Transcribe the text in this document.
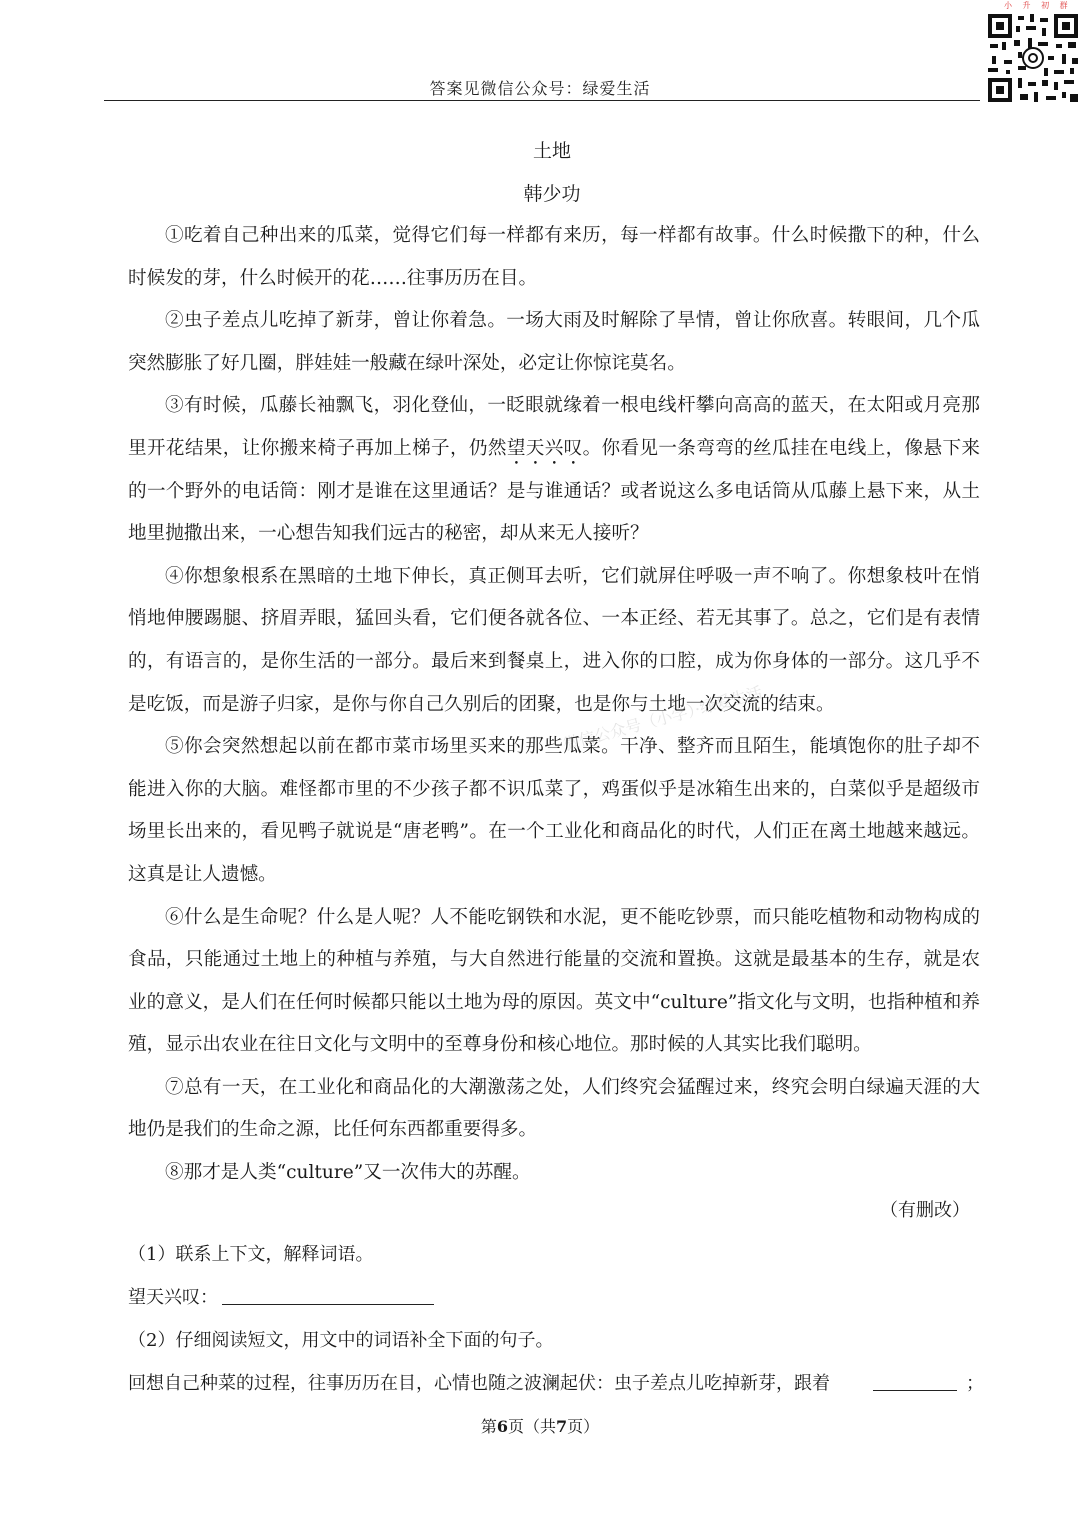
小 升 初 群
答案见微信公众号：绿爱生活
微信公众号（小学）·绿爱生活
土地
韩少功

①吃着自己种出来的瓜菜，觉得它们每一样都有来历，每一样都有故事。什么时候撒下的种，什么时候发的芽，什么时候开的花……往事历历在目。

②虫子差点儿吃掉了新芽，曾让你着急。一场大雨及时解除了旱情，曾让你欣喜。转眼间，几个瓜突然膨胀了好几圈，胖娃娃一般藏在绿叶深处，必定让你惊诧莫名。

③有时候，瓜藤长袖飘飞，羽化登仙，一眨眼就缘着一根电线杆攀向高高的蓝天，在太阳或月亮那里开花结果，让你搬来椅子再加上梯子，仍然望天兴叹。你看见一条弯弯的丝瓜挂在电线上，像悬下来的一个野外的电话筒：刚才是谁在这里通话？是与谁通话？或者说这么多电话筒从瓜藤上悬下来，从土地里抛撒出来，一心想告知我们远古的秘密，却从来无人接听？

④你想象根系在黑暗的土地下伸长，真正侧耳去听，它们就屏住呼吸一声不响了。你想象枝叶在悄悄地伸腰踢腿、挤眉弄眼，猛回头看，它们便各就各位、一本正经、若无其事了。总之，它们是有表情的，有语言的，是你生活的一部分。最后来到餐桌上，进入你的口腔，成为你身体的一部分。这几乎不是吃饭，而是游子归家，是你与你自己久别后的团聚，也是你与土地一次交流的结束。

⑤你会突然想起以前在都市菜市场里买来的那些瓜菜。干净、整齐而且陌生，能填饱你的肚子却不能进入你的大脑。难怪都市里的不少孩子都不识瓜菜了，鸡蛋似乎是冰箱生出来的，白菜似乎是超级市场里长出来的，看见鸭子就说是“唐老鸭”。在一个工业化和商品化的时代，人们正在离土地越来越远。这真是让人遗憾。

⑥什么是生命呢？什么是人呢？人不能吃钢铁和水泥，更不能吃钞票，而只能吃植物和动物构成的食品，只能通过土地上的种植与养殖，与大自然进行能量的交流和置换。这就是最基本的生存，就是农业的意义，是人们在任何时候都只能以土地为母的原因。英文中“culture”指文化与文明，也指种植和养殖，显示出农业在往日文化与文明中的至尊身份和核心地位。那时候的人其实比我们聪明。

⑦总有一天，在工业化和商品化的大潮激荡之处，人们终究会猛醒过来，终究会明白绿遍天涯的大地仍是我们的生命之源，比任何东西都重要得多。

⑧那才是人类“culture”又一次伟大的苏醒。

（有删改）
（1）联系上下文，解释词语。
望天兴叹：
（2）仔细阅读短文，用文中的词语补全下面的句子。
回想自己种菜的过程，往事历历在目，心情也随之波澜起伏：虫子差点儿吃掉新芽，跟着	；
第6页（共7页）
